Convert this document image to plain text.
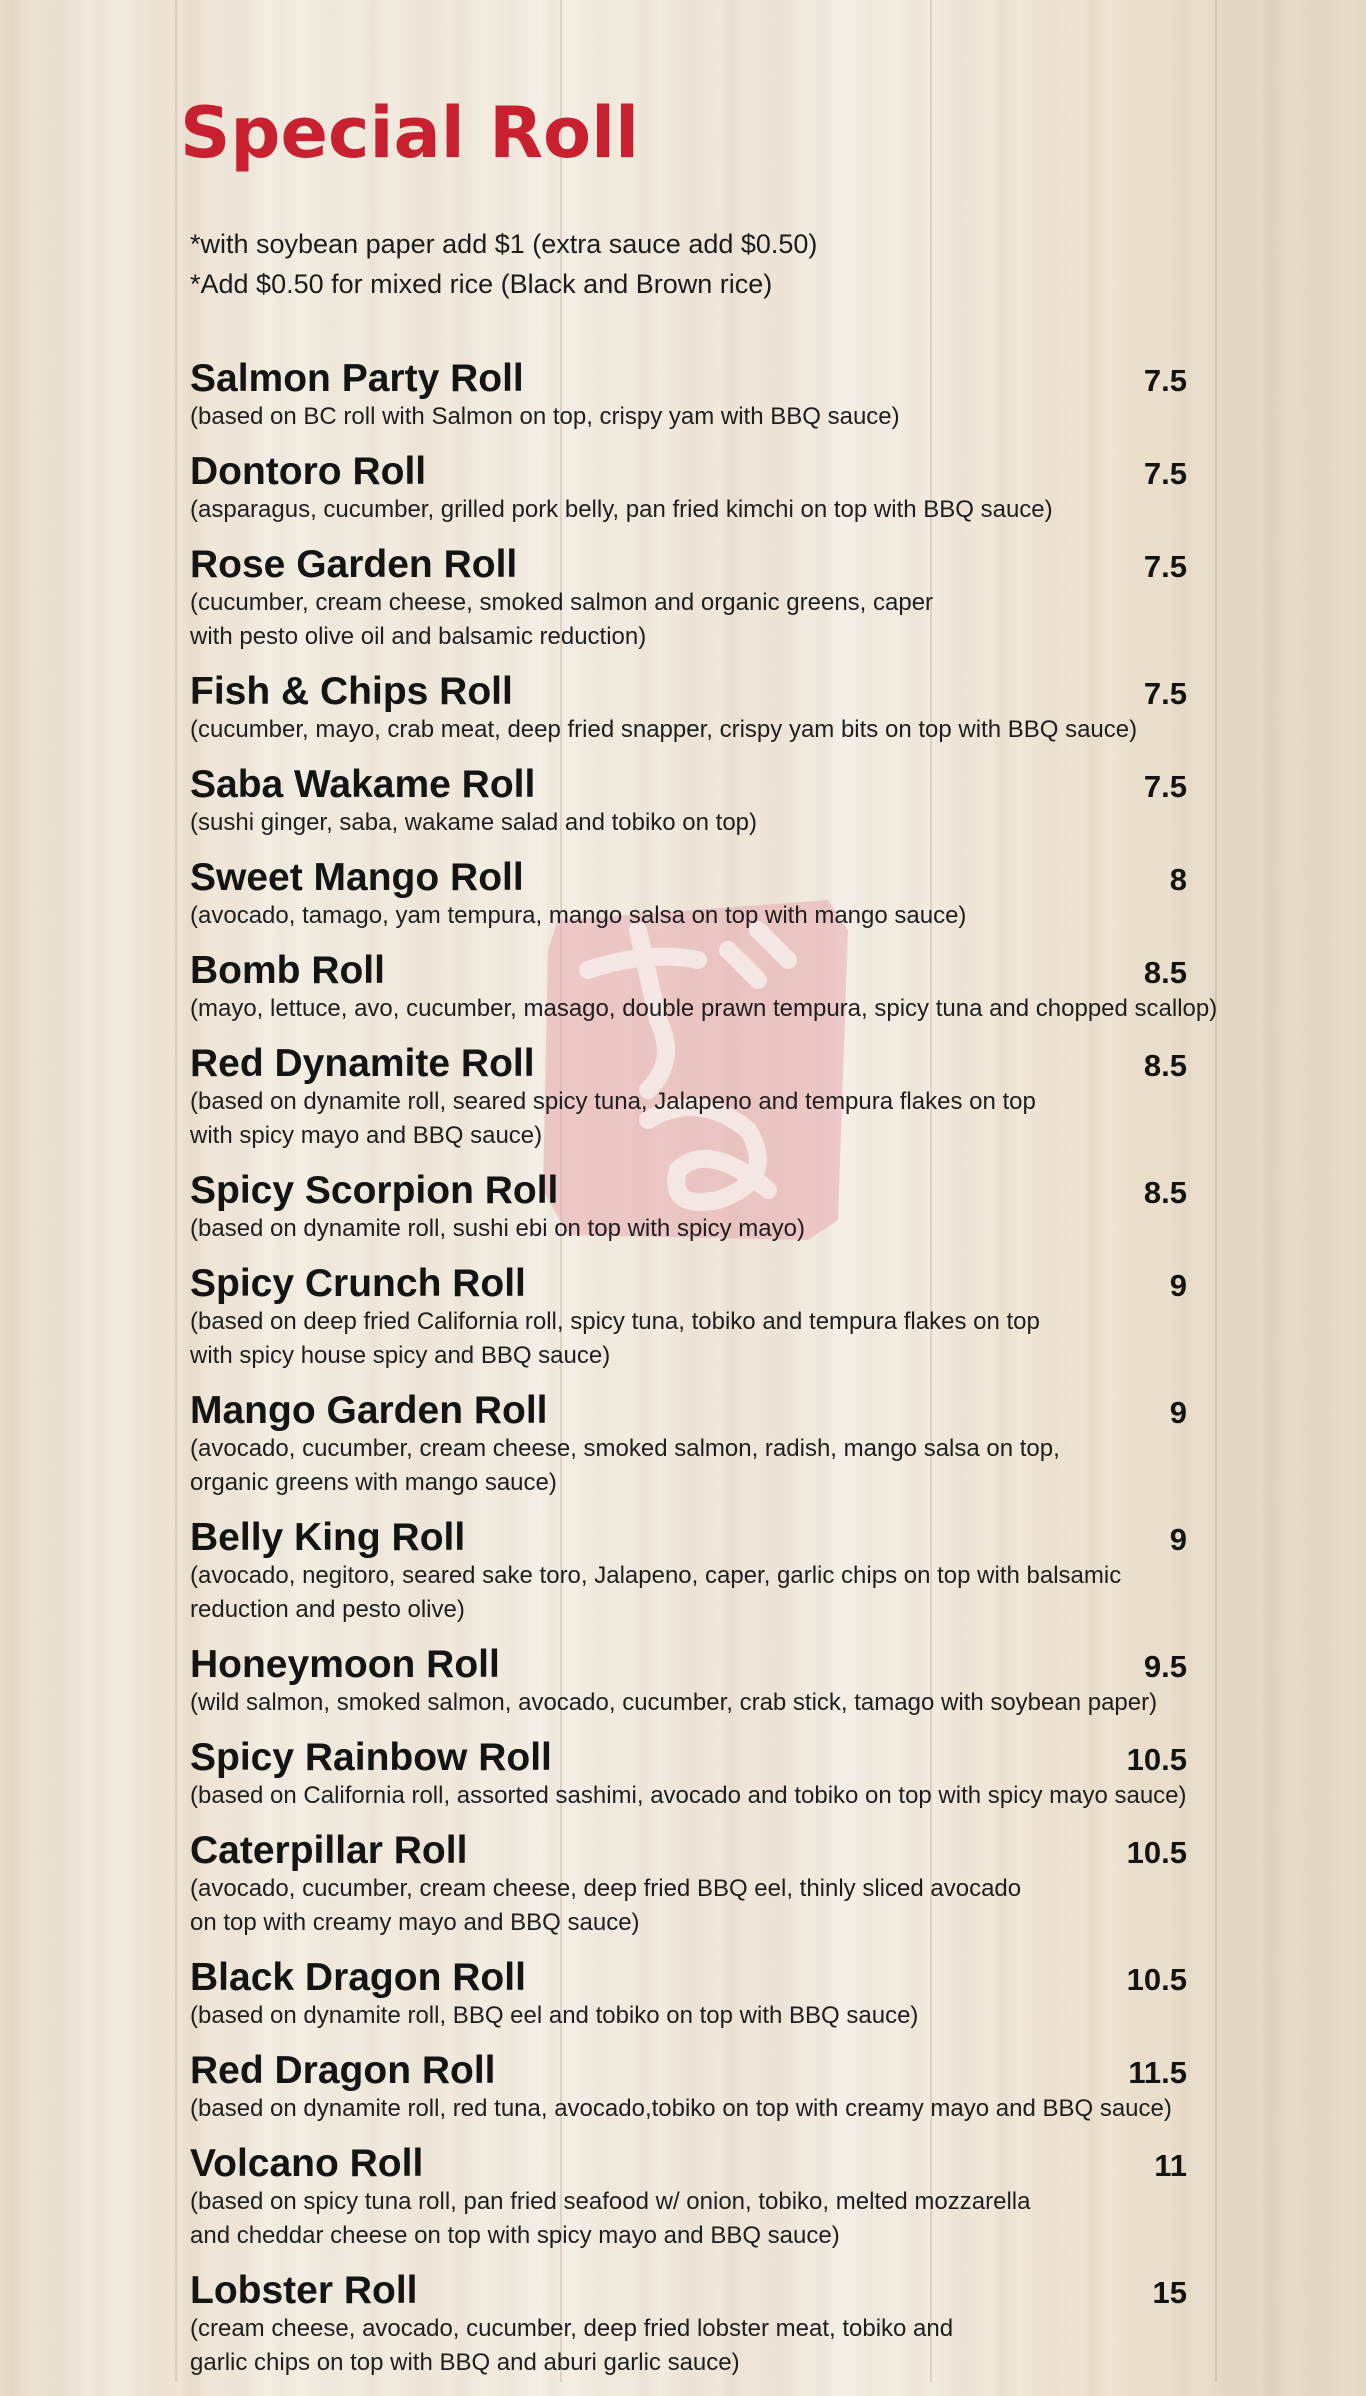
Special Roll
*with soybean paper add $1 (extra sauce add $0.50)
*Add $0.50 for mixed rice (Black and Brown rice)
Salmon Party Roll	7.5
(based on BC roll with Salmon on top, crispy yam with BBQ sauce)
Dontoro Roll	7.5
(asparagus, cucumber, grilled pork belly, pan fried kimchi on top with BBQ sauce)
Rose Garden Roll	7.5
(cucumber, cream cheese, smoked salmon and organic greens, caper
with pesto olive oil and balsamic reduction)
Fish & Chips Roll	7.5
(cucumber, mayo, crab meat, deep fried snapper, crispy yam bits on top with BBQ sauce)
Saba Wakame Roll	7.5
(sushi ginger, saba, wakame salad and tobiko on top)
Sweet Mango Roll	8
(avocado, tamago, yam tempura, mango salsa on top with mango sauce)
Bomb Roll	8.5
(mayo, lettuce, avo, cucumber, masago, double prawn tempura, spicy tuna and chopped scallop)
Red Dynamite Roll	8.5
(based on dynamite roll, seared spicy tuna, Jalapeno and tempura flakes on top
with spicy mayo and BBQ sauce)
Spicy Scorpion Roll	8.5
(based on dynamite roll, sushi ebi on top with spicy mayo)
Spicy Crunch Roll	9
(based on deep fried California roll, spicy tuna, tobiko and tempura flakes on top
with spicy house spicy and BBQ sauce)
Mango Garden Roll	9
(avocado, cucumber, cream cheese, smoked salmon, radish, mango salsa on top,
organic greens with mango sauce)
Belly King Roll	9
(avocado, negitoro, seared sake toro, Jalapeno, caper, garlic chips on top with balsamic
reduction and pesto olive)
Honeymoon Roll	9.5
(wild salmon, smoked salmon, avocado, cucumber, crab stick, tamago with soybean paper)
Spicy Rainbow Roll	10.5
(based on California roll, assorted sashimi, avocado and tobiko on top with spicy mayo sauce)
Caterpillar Roll	10.5
(avocado, cucumber, cream cheese, deep fried BBQ eel, thinly sliced avocado
on top with creamy mayo and BBQ sauce)
Black Dragon Roll	10.5
(based on dynamite roll, BBQ eel and tobiko on top with BBQ sauce)
Red Dragon Roll	11.5
(based on dynamite roll, red tuna, avocado,tobiko on top with creamy mayo and BBQ sauce)
Volcano Roll	11
(based on spicy tuna roll, pan fried seafood w/ onion, tobiko, melted mozzarella
and cheddar cheese on top with spicy mayo and BBQ sauce)
Lobster Roll	15
(cream cheese, avocado, cucumber, deep fried lobster meat, tobiko and
garlic chips on top with BBQ and aburi garlic sauce)
